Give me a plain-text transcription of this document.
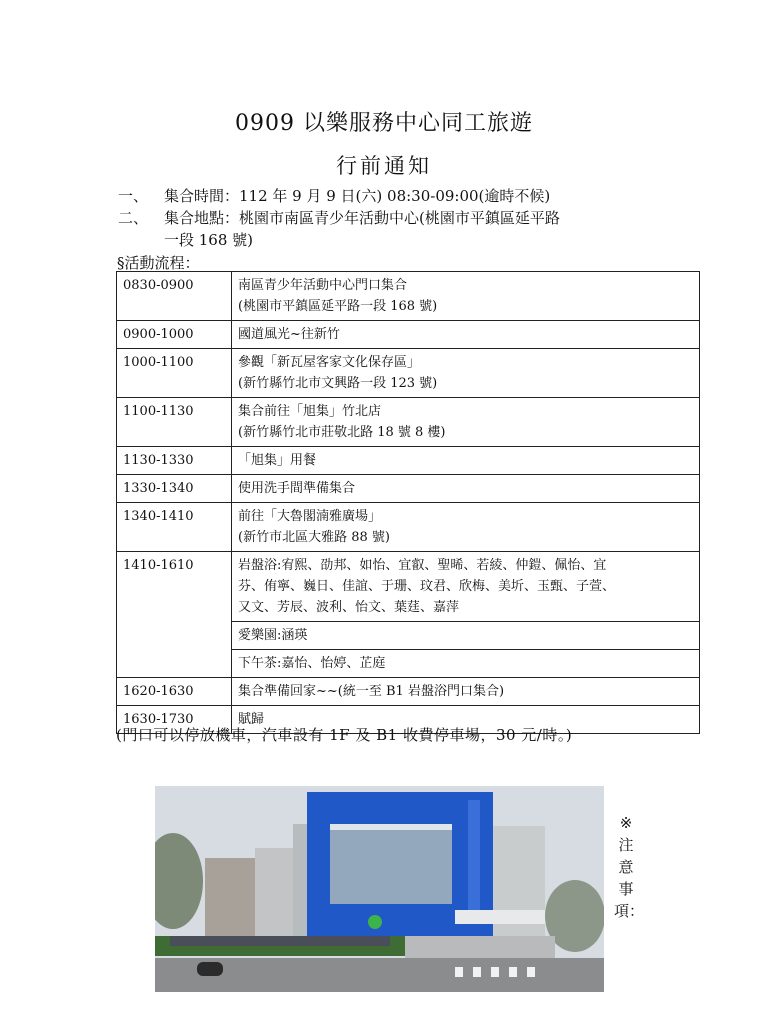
0909 以樂服務中心同工旅遊
行前通知
一、	集合時間：112 年 9 月 9 日(六) 08:30-09:00(逾時不候)
二、	集合地點：桃園市南區青少年活動中心(桃園市平鎮區延平路
一段 168 號)
§活動流程：
0830-0900	南區青少年活動中心門口集合
(桃園市平鎮區延平路一段 168 號)

0900-1000	國道風光~往新竹

1000-1100	參觀「新瓦屋客家文化保存區」
(新竹縣竹北市文興路一段 123 號)

1100-1130	集合前往「旭集」竹北店
(新竹縣竹北市莊敬北路 18 號 8 樓)

1130-1330	「旭集」用餐

1330-1340	使用洗手間準備集合

1340-1410	前往「大魯閣湳雅廣場」
(新竹市北區大雅路 88 號)

1410-1610	岩盤浴:宥熙、劭邦、如怡、宜叡、聖晞、若綾、仲鎧、佩怡、宜
芬、侑寧、巍日、佳誼、于珊、玟君、欣梅、美圻、玉甄、子萱、
又文、芳辰、波利、怡文、葉莛、嘉萍

	愛樂園:涵瑛

	下午茶:嘉怡、怡婷、芷庭

1620-1630	集合準備回家~~(統一至 B1 岩盤浴門口集合)

1630-1730	賦歸
(門口可以停放機車，汽車設有 1F 及 B1 收費停車場，30 元/時。)
※
注
意
事
項：
